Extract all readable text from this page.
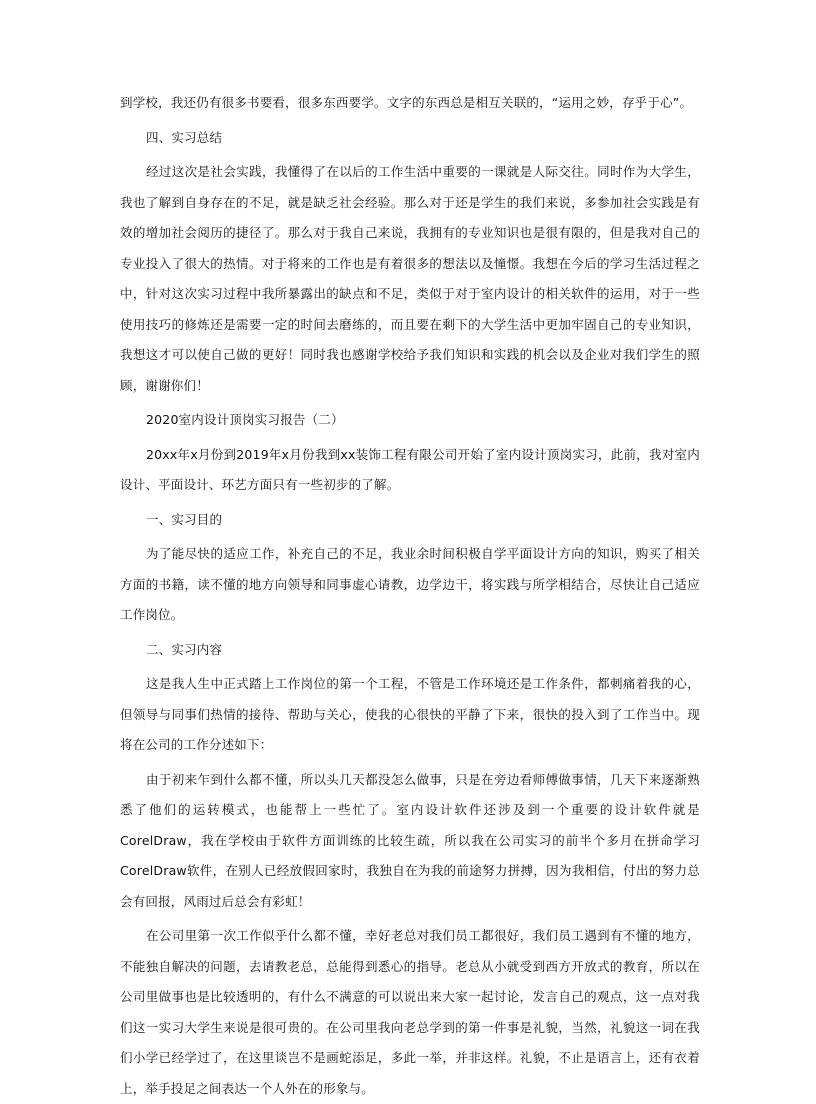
到学校，我还仍有很多书要看，很多东西要学。文字的东西总是相互关联的，“运用之妙，存乎于心”。

四、实习总结

经过这次是社会实践，我懂得了在以后的工作生活中重要的一课就是人际交往。同时作为大学生，我也了解到自身存在的不足，就是缺乏社会经验。那么对于还是学生的我们来说，多参加社会实践是有效的增加社会阅历的捷径了。那么对于我自己来说，我拥有的专业知识也是很有限的，但是我对自己的专业投入了很大的热情。对于将来的工作也是有着很多的想法以及憧憬。我想在今后的学习生活过程之中，针对这次实习过程中我所暴露出的缺点和不足，类似于对于室内设计的相关软件的运用，对于一些使用技巧的修炼还是需要一定的时间去磨练的，而且要在剩下的大学生活中更加牢固自己的专业知识，我想这才可以使自己做的更好！同时我也感谢学校给予我们知识和实践的机会以及企业对我们学生的照顾，谢谢你们！

2020室内设计顶岗实习报告（二）

20xx年x月份到2019年x月份我到xx装饰工程有限公司开始了室内设计顶岗实习，此前，我对室内设计、平面设计、环艺方面只有一些初步的了解。

一、实习目的

为了能尽快的适应工作，补充自己的不足，我业余时间积极自学平面设计方向的知识，购买了相关方面的书籍，读不懂的地方向领导和同事虚心请教，边学边干，将实践与所学相结合，尽快让自己适应工作岗位。

二、实习内容

这是我人生中正式踏上工作岗位的第一个工程，不管是工作环境还是工作条件，都刺痛着我的心，但领导与同事们热情的接待、帮助与关心，使我的心很快的平静了下来，很快的投入到了工作当中。现将在公司的工作分述如下：

由于初来乍到什么都不懂，所以头几天都没怎么做事，只是在旁边看师傅做事情，几天下来逐渐熟悉了他们的运转模式，也能帮上一些忙了。室内设计软件还涉及到一个重要的设计软件就是CorelDraw，我在学校由于软件方面训练的比较生疏，所以我在公司实习的前半个多月在拼命学习CorelDraw软件，在别人已经放假回家时，我独自在为我的前途努力拼搏，因为我相信，付出的努力总会有回报，风雨过后总会有彩虹！

在公司里第一次工作似乎什么都不懂，幸好老总对我们员工都很好，我们员工遇到有不懂的地方，不能独自解决的问题，去请教老总，总能得到悉心的指导。老总从小就受到西方开放式的教育，所以在公司里做事也是比较透明的，有什么不满意的可以说出来大家一起讨论，发言自己的观点，这一点对我们这一实习大学生来说是很可贵的。在公司里我向老总学到的第一件事是礼貌，当然，礼貌这一词在我们小学已经学过了，在这里谈岂不是画蛇添足，多此一举，并非这样。礼貌，不止是语言上，还有衣着上，举手投足之间表达一个人外在的形象与。
